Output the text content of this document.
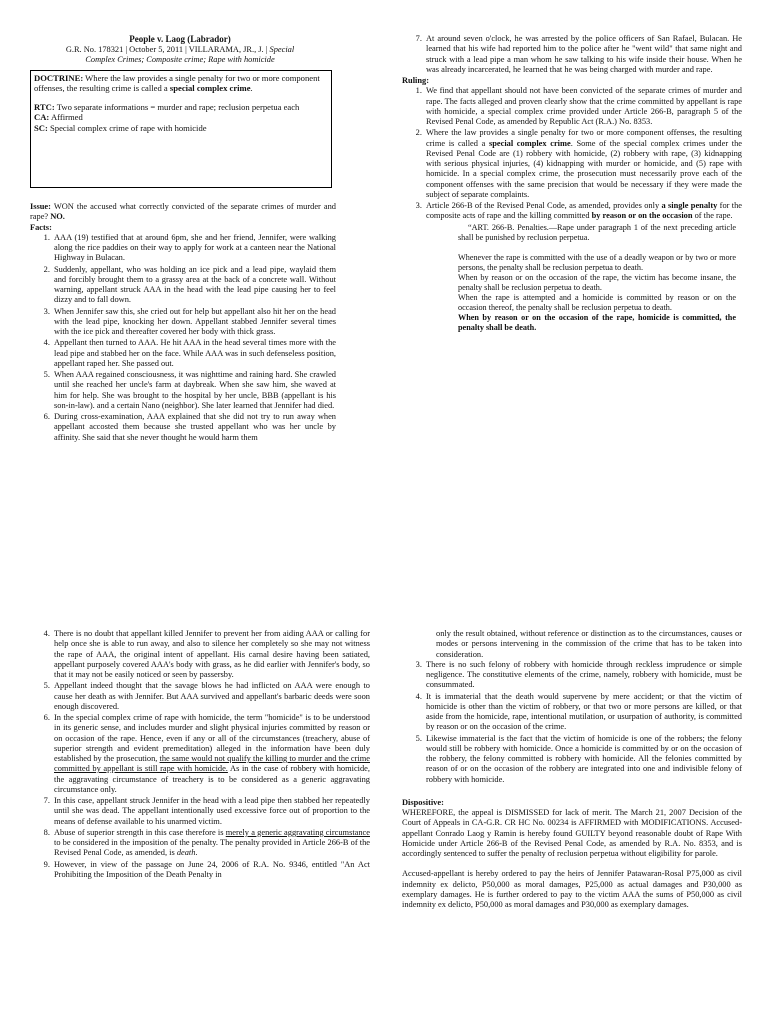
People v. Laog (Labrador)

G.R. No. 178321 | October 5, 2011 | VILLARAMA, JR., J. | Special

Complex Crimes; Composite crime; Rape with homicide

DOCTRINE: Where the law provides a single penalty for two or more component offenses, the resulting crime is called a special complex crime.

RTC: Two separate informations = murder and rape; reclusion perpetua each

CA: Affirmed

SC: Special complex crime of rape with homicide

Issue: WON the accused what correctly convicted of the separate crimes of murder and rape? NO.

Facts:

1. AAA (19) testified that at around 6pm, she and her friend, Jennifer, were walking along the rice paddies on their way to apply for work at a canteen near the National Highway in Bulacan.
2. Suddenly, appellant, who was holding an ice pick and a lead pipe, waylaid them and forcibly brought them to a grassy area at the back of a concrete wall. Without warning, appellant struck AAA in the head with the lead pipe causing her to feel dizzy and to fall down.
3. When Jennifer saw this, she cried out for help but appellant also hit her on the head with the lead pipe, knocking her down. Appellant stabbed Jennifer several times with the ice pick and thereafter covered her body with thick grass.
4. Appellant then turned to AAA. He hit AAA in the head several times more with the lead pipe and stabbed her on the face. While AAA was in such defenseless position, appellant raped her. She passed out.
5. When AAA regained consciousness, it was nighttime and raining hard. She crawled until she reached her uncle's farm at daybreak. When she saw him, she waved at him for help. She was brought to the hospital by her uncle, BBB (appellant is his son-in-law). and a certain Nano (neighbor). She later learned that Jennifer had died.
6. During cross-examination, AAA explained that she did not try to run away when appellant accosted them because she trusted appellant who was her uncle by affinity. She said that she never thought he would harm them
7. At around seven o'clock, he was arrested by the police officers of San Rafael, Bulacan. He learned that his wife had reported him to the police after he "went wild" that same night and struck with a lead pipe a man whom he saw talking to his wife inside their house. When he was already incarcerated, he learned that he was being charged with murder and rape.

Ruling:

1. We find that appellant should not have been convicted of the separate crimes of murder and rape. The facts alleged and proven clearly show that the crime committed by appellant is rape with homicide, a special complex crime provided under Article 266-B, paragraph 5 of the Revised Penal Code, as amended by Republic Act (R.A.) No. 8353.
2. Where the law provides a single penalty for two or more component offenses, the resulting crime is called a special complex crime. Some of the special complex crimes under the Revised Penal Code are (1) robbery with homicide, (2) robbery with rape, (3) kidnapping with serious physical injuries, (4) kidnapping with murder or homicide, and (5) rape with homicide. In a special complex crime, the prosecution must necessarily prove each of the component offenses with the same precision that would be necessary if they were made the subject of separate complaints.
3. Article 266-B of the Revised Penal Code, as amended, provides only a single penalty for the composite acts of rape and the killing committed by reason or on the occasion of the rape.

“ART. 266-B. Penalties.—Rape under paragraph 1 of the next preceding article shall be punished by reclusion perpetua.

Whenever the rape is committed with the use of a deadly weapon or by two or more persons, the penalty shall be reclusion perpetua to death.

When by reason or on the occasion of the rape, the victim has become insane, the penalty shall be reclusion perpetua to death.

When the rape is attempted and a homicide is committed by reason or on the occasion thereof, the penalty shall be reclusion perpetua to death.

When by reason or on the occasion of the rape, homicide is committed, the penalty shall be death.

4. There is no doubt that appellant killed Jennifer to prevent her from aiding AAA or calling for help once she is able to run away, and also to silence her completely so she may not witness the rape of AAA, the original intent of appellant. His carnal desire having been satiated, appellant purposely covered AAA's body with grass, as he did earlier with Jennifer's body, so that it may not be easily noticed or seen by passersby.
5. Appellant indeed thought that the savage blows he had inflicted on AAA were enough to cause her death as with Jennifer. But AAA survived and appellant's barbaric deeds were soon enough discovered.
6. In the special complex crime of rape with homicide, the term "homicide" is to be understood in its generic sense, and includes murder and slight physical injuries committed by reason or on occasion of the rape. Hence, even if any or all of the circumstances (treachery, abuse of superior strength and evident premeditation) alleged in the information have been duly established by the prosecution, the same would not qualify the killing to murder and the crime committed by appellant is still rape with homicide. As in the case of robbery with homicide, the aggravating circumstance of treachery is to be considered as a generic aggravating circumstance only.
7. In this case, appellant struck Jennifer in the head with a lead pipe then stabbed her repeatedly until she was dead. The appellant intentionally used excessive force out of proportion to the means of defense available to his unarmed victim.
8. Abuse of superior strength in this case therefore is merely a generic aggravating circumstance to be considered in the imposition of the penalty. The penalty provided in Article 266-B of the Revised Penal Code, as amended, is death.
9. However, in view of the passage on June 24, 2006 of R.A. No. 9346, entitled "An Act Prohibiting the Imposition of the Death Penalty in

only the result obtained, without reference or distinction as to the circumstances, causes or modes or persons intervening in the commission of the crime that has to be taken into consideration.

3. There is no such felony of robbery with homicide through reckless imprudence or simple negligence. The constitutive elements of the crime, namely, robbery with homicide, must be consummated.
4. It is immaterial that the death would supervene by mere accident; or that the victim of homicide is other than the victim of robbery, or that two or more persons are killed, or that aside from the homicide, rape, intentional mutilation, or usurpation of authority, is committed by reason or on the occasion of the crime.
5. Likewise immaterial is the fact that the victim of homicide is one of the robbers; the felony would still be robbery with homicide. Once a homicide is committed by or on the occasion of the robbery, the felony committed is robbery with homicide. All the felonies committed by reason of or on the occasion of the robbery are integrated into one and indivisible felony of robbery with homicide.

Dispositive:

WHEREFORE, the appeal is DISMISSED for lack of merit. The March 21, 2007 Decision of the Court of Appeals in CA-G.R. CR HC No. 00234 is AFFIRMED with MODIFICATIONS. Accused-appellant Conrado Laog y Ramin is hereby found GUILTY beyond reasonable doubt of Rape With Homicide under Article 266-B of the Revised Penal Code, as amended by R.A. No. 8353, and is accordingly sentenced to suffer the penalty of reclusion perpetua without eligibility for parole.

Accused-appellant is hereby ordered to pay the heirs of Jennifer Patawaran-Rosal P75,000 as civil indemnity ex delicto, P50,000 as moral damages, P25,000 as actual damages and P30,000 as exemplary damages. He is further ordered to pay to the victim AAA the sums of P50,000 as civil indemnity ex delicto, P50,000 as moral damages and P30,000 as exemplary damages.
